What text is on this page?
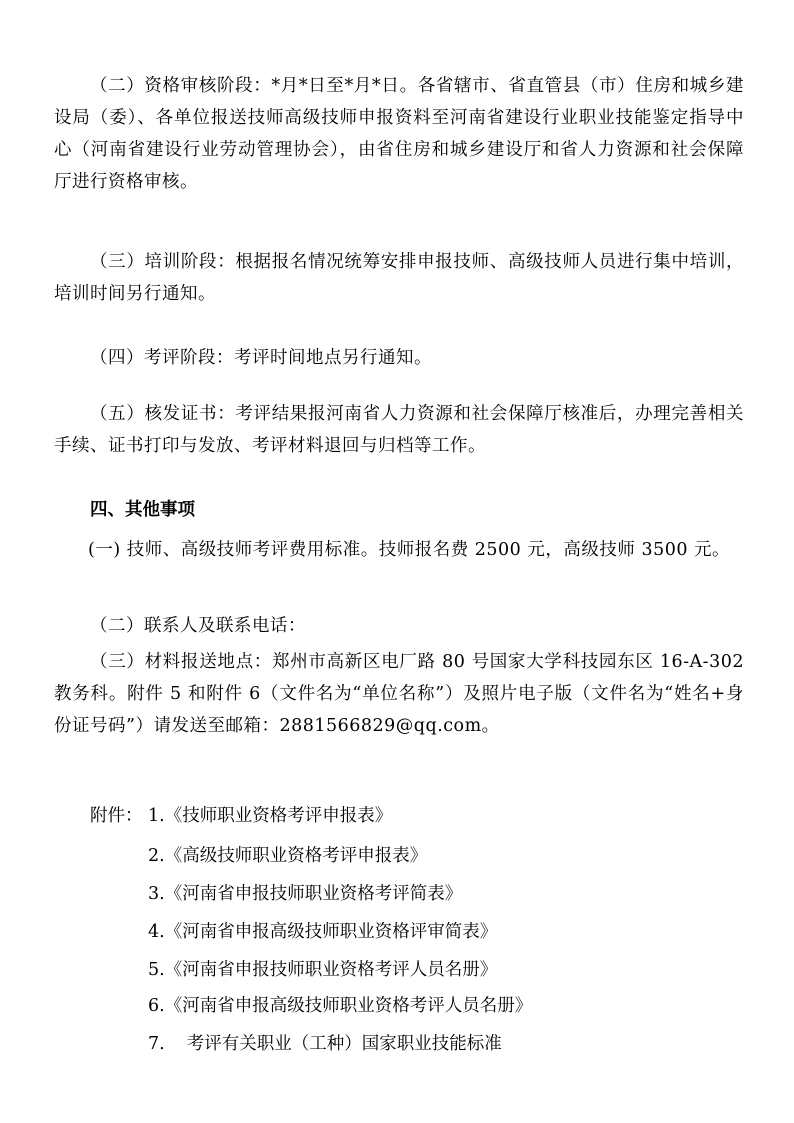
（二）资格审核阶段：*月*日至*月*日。各省辖市、省直管县（市）住房和城乡建设局（委）、各单位报送技师高级技师申报资料至河南省建设行业职业技能鉴定指导中心（河南省建设行业劳动管理协会），由省住房和城乡建设厅和省人力资源和社会保障厅进行资格审核。

（三）培训阶段：根据报名情况统筹安排申报技师、高级技师人员进行集中培训，培训时间另行通知。

（四）考评阶段：考评时间地点另行通知。

（五）核发证书：考评结果报河南省人力资源和社会保障厅核准后，办理完善相关手续、证书打印与发放、考评材料退回与归档等工作。

四、其他事项

(一) 技师、高级技师考评费用标准。技师报名费 2500 元，高级技师 3500 元。

（二）联系人及联系电话：

（三）材料报送地点：郑州市高新区电厂路 80 号国家大学科技园东区 16-A-302 教务科。附件 5 和附件 6（文件名为“单位名称”）及照片电子版（文件名为“姓名+身份证号码”）请发送至邮箱：2881566829@qq.com。

附件： 1.《技师职业资格考评申报表》

2.《高级技师职业资格考评申报表》

3.《河南省申报技师职业资格考评简表》

4.《河南省申报高级技师职业资格评审简表》

5.《河南省申报技师职业资格考评人员名册》

6.《河南省申报高级技师职业资格考评人员名册》

7. 考评有关职业（工种）国家职业技能标准
